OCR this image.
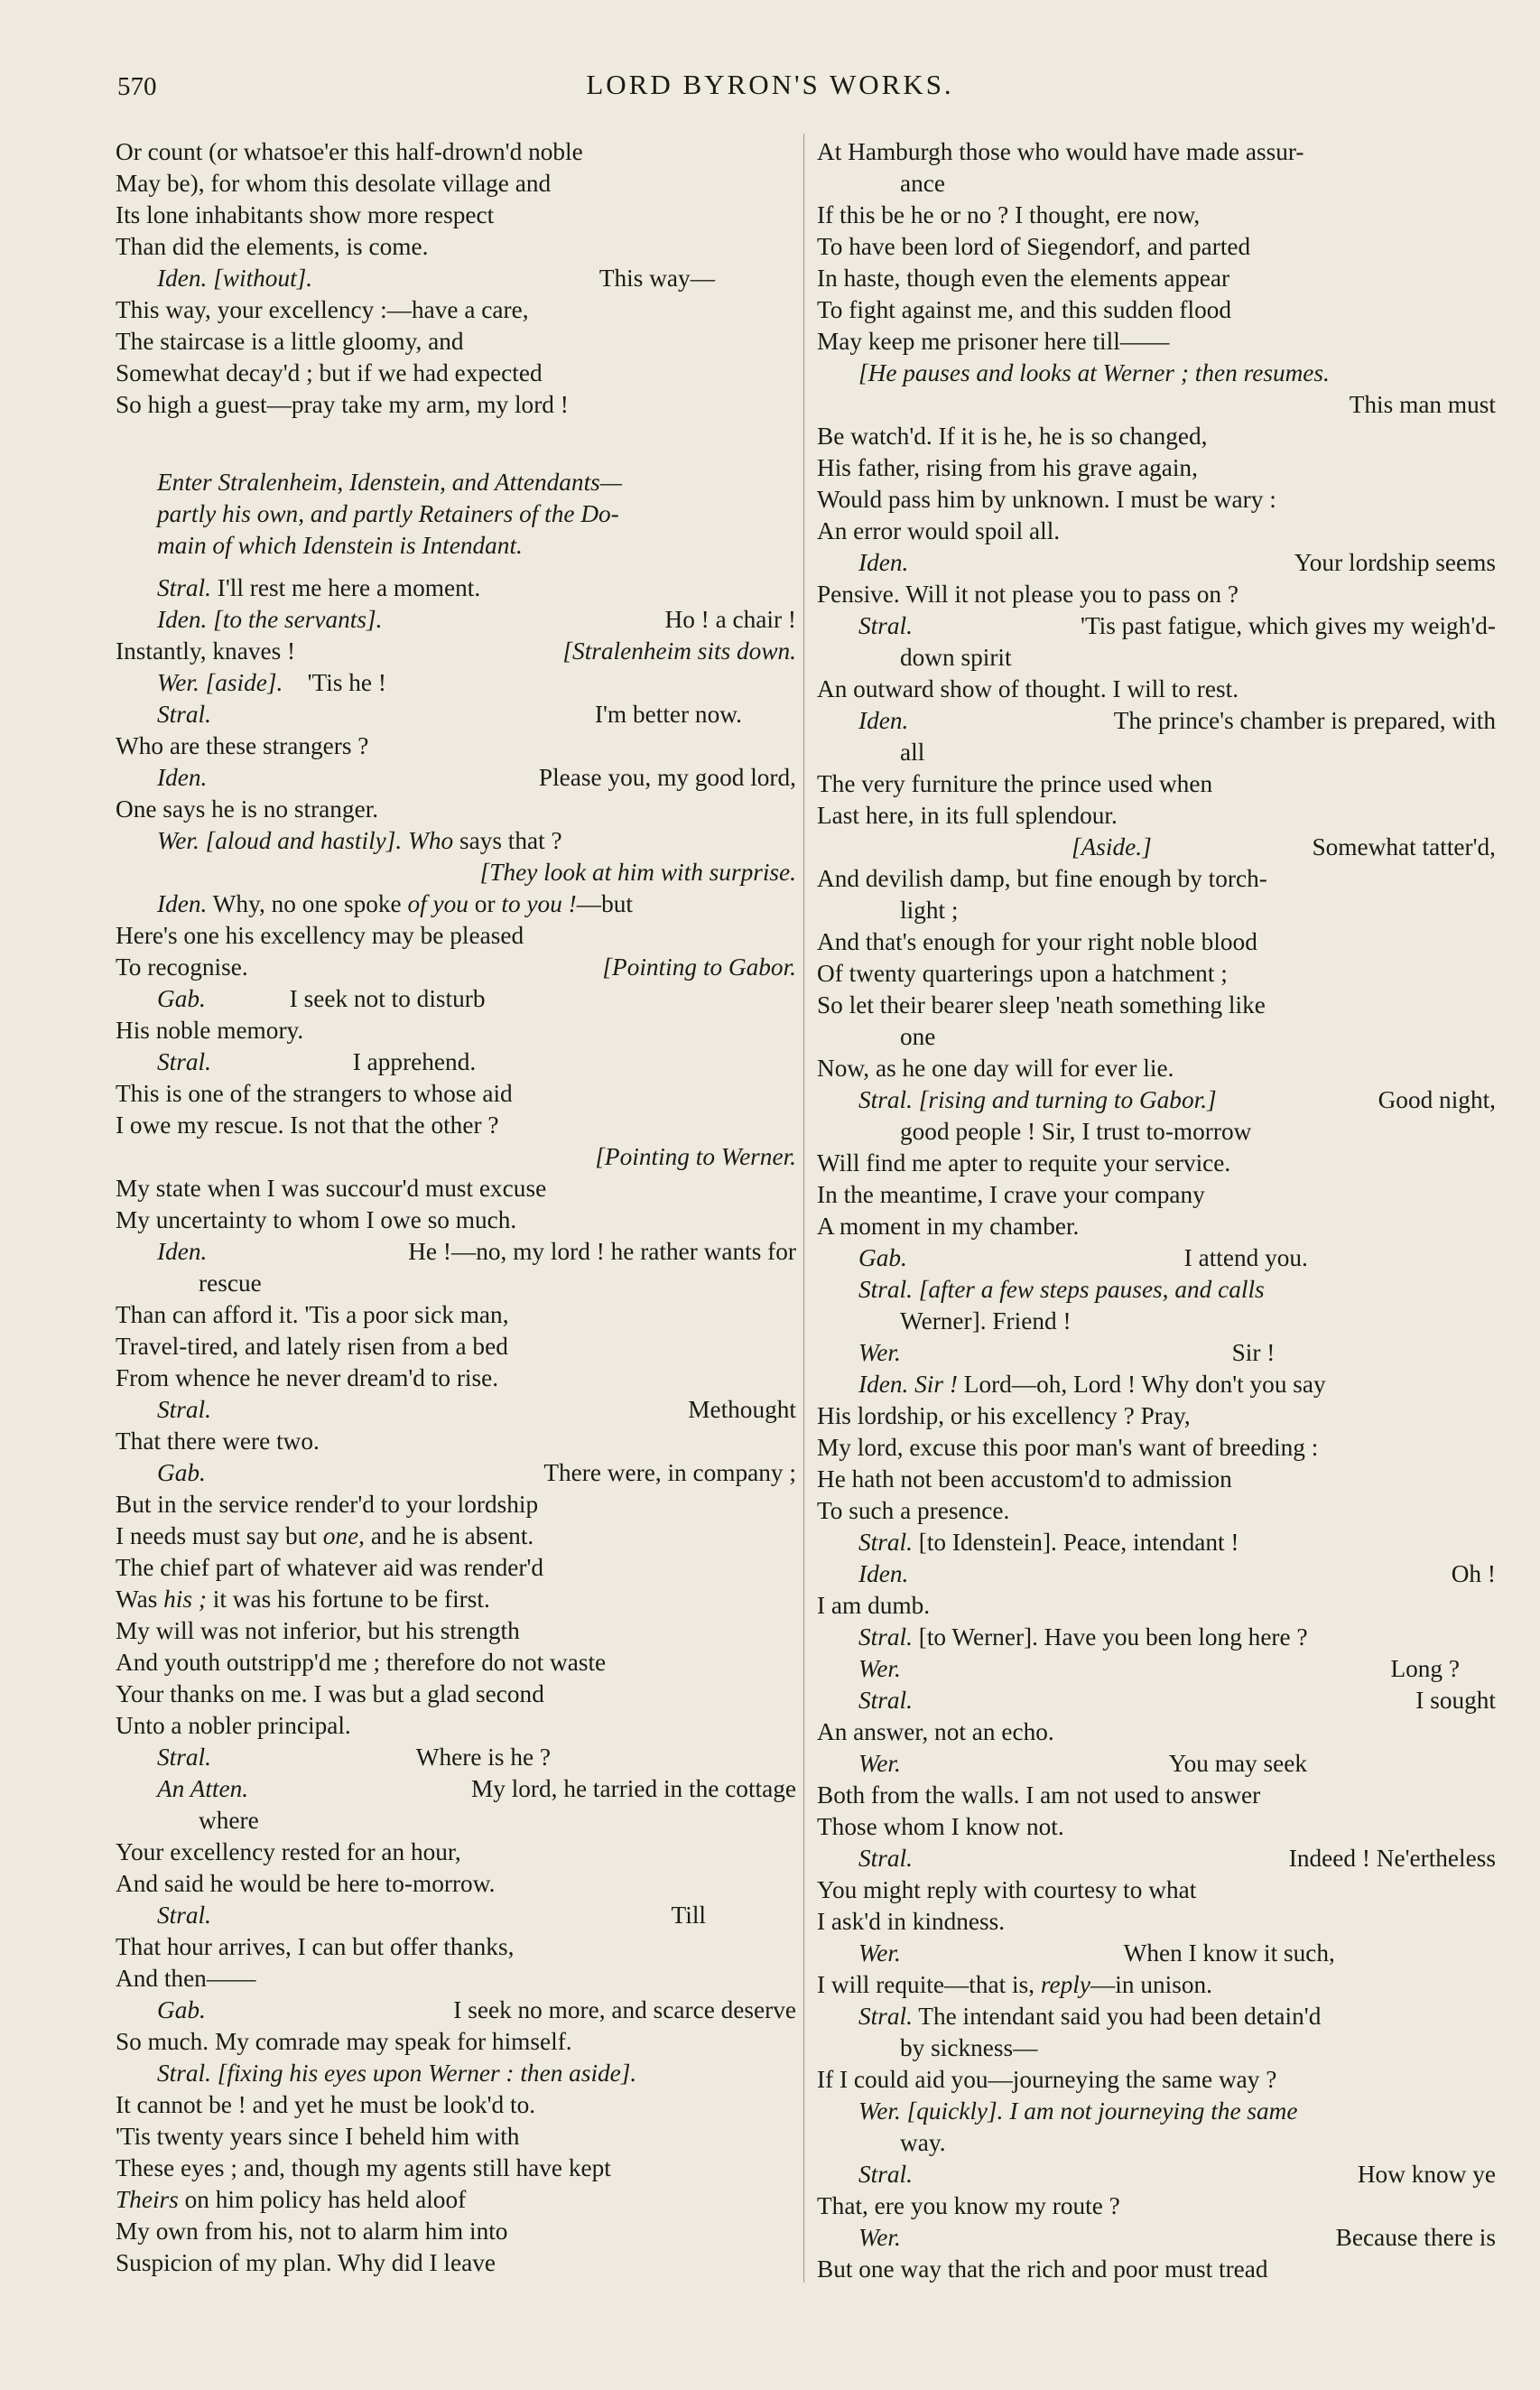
570	LORD BYRON'S WORKS.
Or count (or whatsoe'er this half-drown'd noble
May be), for whom this desolate village and
Its lone inhabitants show more respect
Than did the elements, is come.
Iden. [without].	This way—
This way, your excellency :—have a care,
The staircase is a little gloomy, and
Somewhat decay'd ; but if we had expected
So high a guest—pray take my arm, my lord !
Enter Stralenheim, Idenstein, and Attendants—
partly his own, and partly Retainers of the Do-
main of which Idenstein is Intendant.
Stral. I'll rest me here a moment.
Iden. [to the servants].	Ho ! a chair !
Instantly, knaves !	[Stralenheim sits down.
Wer. [aside]. 'Tis he !
Stral.	I'm better now.
Who are these strangers ?
Iden.	Please you, my good lord,
One says he is no stranger.
Wer. [aloud and hastily]. Who says that ?
[They look at him with surprise.
Iden. Why, no one spoke of you or to you !—but
Here's one his excellency may be pleased
To recognise.	[Pointing to Gabor.
Gab.	I seek not to disturb
His noble memory.
Stral.	I apprehend.
This is one of the strangers to whose aid
I owe my rescue. Is not that the other ?
[Pointing to Werner.
My state when I was succour'd must excuse
My uncertainty to whom I owe so much.
Iden.	He !—no, my lord ! he rather wants for
rescue
Than can afford it. 'Tis a poor sick man,
Travel-tired, and lately risen from a bed
From whence he never dream'd to rise.
Stral.	Methought
That there were two.
Gab.	There were, in company ;
But in the service render'd to your lordship
I needs must say but one, and he is absent.
The chief part of whatever aid was render'd
Was his ; it was his fortune to be first.
My will was not inferior, but his strength
And youth outstripp'd me ; therefore do not waste
Your thanks on me. I was but a glad second
Unto a nobler principal.
Stral.	Where is he ?
An Atten.	My lord, he tarried in the cottage
where
Your excellency rested for an hour,
And said he would be here to-morrow.
Stral.	Till
That hour arrives, I can but offer thanks,
And then——
Gab.	I seek no more, and scarce deserve
So much. My comrade may speak for himself.
Stral. [fixing his eyes upon Werner : then aside].
It cannot be ! and yet he must be look'd to.
'Tis twenty years since I beheld him with
These eyes ; and, though my agents still have kept
Theirs on him policy has held aloof
My own from his, not to alarm him into
Suspicion of my plan. Why did I leave
At Hamburgh those who would have made assur-
ance
If this be he or no ? I thought, ere now,
To have been lord of Siegendorf, and parted
In haste, though even the elements appear
To fight against me, and this sudden flood
May keep me prisoner here till——
[He pauses and looks at Werner ; then resumes.
This man must
Be watch'd. If it is he, he is so changed,
His father, rising from his grave again,
Would pass him by unknown. I must be wary :
An error would spoil all.
Iden.	Your lordship seems
Pensive. Will it not please you to pass on ?
Stral.	'Tis past fatigue, which gives my weigh'd-
down spirit
An outward show of thought. I will to rest.
Iden.	The prince's chamber is prepared, with
all
The very furniture the prince used when
Last here, in its full splendour.
[Aside.]	Somewhat tatter'd,
And devilish damp, but fine enough by torch-
light ;
And that's enough for your right noble blood
Of twenty quarterings upon a hatchment ;
So let their bearer sleep 'neath something like
one
Now, as he one day will for ever lie.
Stral. [rising and turning to Gabor.]	Good night,
good people ! Sir, I trust to-morrow
Will find me apter to requite your service.
In the meantime, I crave your company
A moment in my chamber.
Gab.	I attend you.
Stral. [after a few steps pauses, and calls
Werner]. Friend !
Wer.	Sir !
Iden. Sir ! Lord—oh, Lord ! Why don't you say
His lordship, or his excellency ? Pray,
My lord, excuse this poor man's want of breeding :
He hath not been accustom'd to admission
To such a presence.
Stral. [to Idenstein]. Peace, intendant !
Iden.	Oh !
I am dumb.
Stral. [to Werner]. Have you been long here ?
Wer.	Long ?
Stral.	I sought
An answer, not an echo.
Wer.	You may seek
Both from the walls. I am not used to answer
Those whom I know not.
Stral.	Indeed ! Ne'ertheless
You might reply with courtesy to what
I ask'd in kindness.
Wer.	When I know it such,
I will requite—that is, reply—in unison.
Stral. The intendant said you had been detain'd
by sickness—
If I could aid you—journeying the same way ?
Wer. [quickly]. I am not journeying the same
way.
Stral.	How know ye
That, ere you know my route ?
Wer.	Because there is
But one way that the rich and poor must tread
